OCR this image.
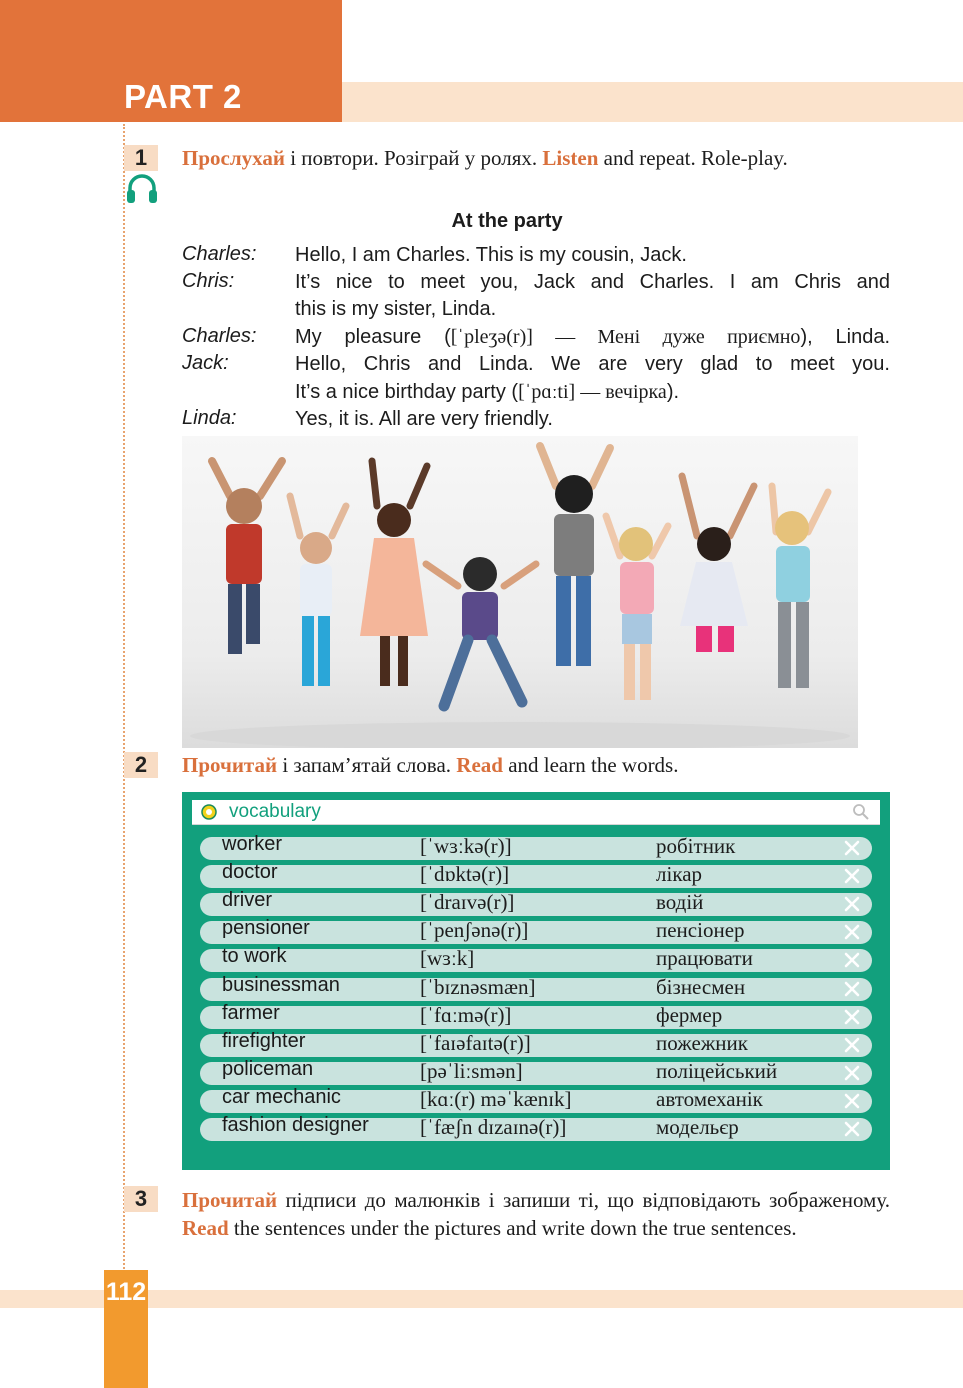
PART 2
1	Прослухай і повтори. Розіграй у ролях. Listen and repeat. Role-play.
At the party
Charles: Hello, I am Charles. This is my cousin, Jack.
Chris:	It’s nice to meet you, Jack and Charles. I am Chris and
this is my sister, Linda.
Charles: My pleasure ([ˈpleʒə(r)] — Мені дуже приємно), Linda.
Jack:	Hello, Chris and Linda. We are very glad to meet you.
It’s a nice birthday party ([ˈpɑːti] — вечірка).
Linda:	Yes, it is. All are very friendly.
2	Прочитай і запам’ятай слова. Read and learn the words.
vocabulary
worker	[ˈwɜːkə(r)]	робітник
doctor	[ˈdɒktə(r)]	лікар
driver	[ˈdraɪvə(r)]	водій
pensioner	[ˈpenʃənə(r)]	пенсіонер
to work	[wɜːk]	працювати
businessman	[ˈbɪznəsmæn]	бізнесмен
farmer	[ˈfɑːmə(r)]	фермер
firefighter	[ˈfaɪəfaɪtə(r)]	пожежник
policeman	[pəˈliːsmən]	поліцейський
car mechanic	[kɑː(r) məˈkænɪk]	автомеханік
fashion designer [ˈfæʃn dɪzaɪnə(r)]	модельєр
3	Прочитай підписи до малюнків і запиши ті, що відповідають зображеному. Read the sentences under the pictures and write down the true sentences.
112
